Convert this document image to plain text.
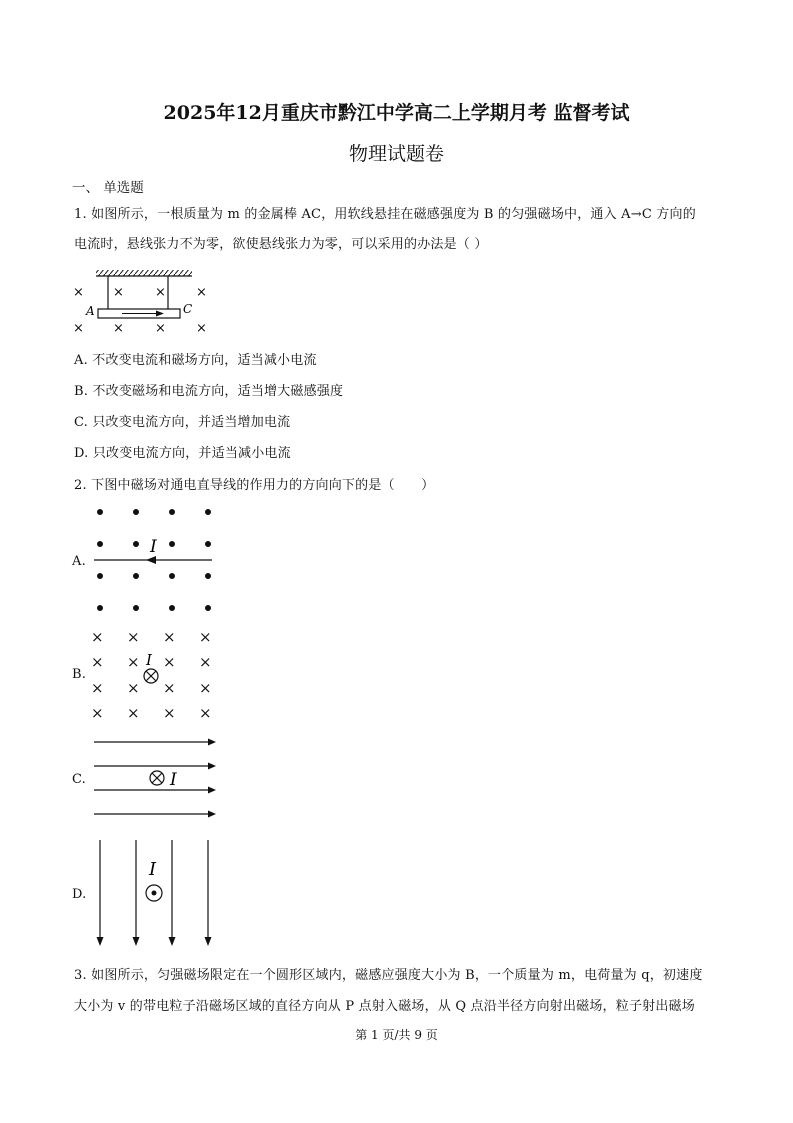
2025年12月重庆市黔江中学高二上学期月考 监督考试
物理试题卷
一、 单选题
1. 如图所示，一根质量为 m 的金属棒 AC，用软线悬挂在磁感强度为 B 的匀强磁场中，通入 A→C 方向的
电流时，悬线张力不为零，欲使悬线张力为零，可以采用的办法是（ ）
A	C
× × × ×
× × × ×
A. 不改变电流和磁场方向，适当减小电流
B. 不改变磁场和电流方向，适当增大磁感强度
C. 只改变电流方向，并适当增加电流
D. 只改变电流方向，并适当减小电流
2. 下图中磁场对通电直导线的作用力的方向向下的是（　　）
A.
I
B.
× × × ×
× × × ×
× × × ×
× × × ×
I
C.	I
D.
I
3. 如图所示，匀强磁场限定在一个圆形区域内，磁感应强度大小为 B，一个质量为 m，电荷量为 q，初速度
大小为 v 的带电粒子沿磁场区域的直径方向从 P 点射入磁场，从 Q 点沿半径方向射出磁场，粒子射出磁场
第 1 页/共 9 页
